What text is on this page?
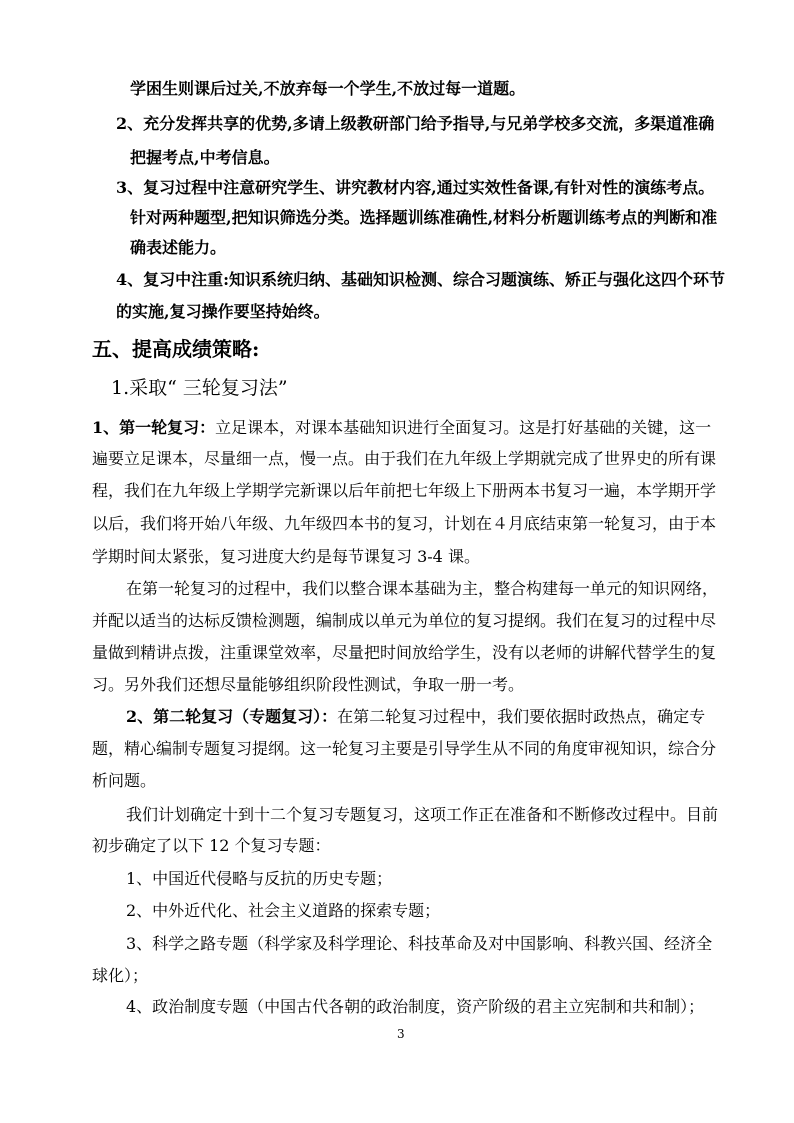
学困生则课后过关,不放弃每一个学生,不放过每一道题。
2、充分发挥共享的优势,多请上级教研部门给予指导,与兄弟学校多交流，多渠道准确
把握考点,中考信息。
3、复习过程中注意研究学生、讲究教材内容,通过实效性备课,有针对性的演练考点。
针对两种题型,把知识筛选分类。选择题训练准确性,材料分析题训练考点的判断和准
确表述能力。
4、复习中注重:知识系统归纳、基础知识检测、综合习题演练、矫正与强化这四个环节
的实施,复习操作要坚持始终。
五、提高成绩策略:
1.采取“ 三轮复习法”
1、第一轮复习：立足课本，对课本基础知识进行全面复习。这是打好基础的关键，这一
遍要立足课本，尽量细一点，慢一点。由于我们在九年级上学期就完成了世界史的所有课
程，我们在九年级上学期学完新课以后年前把七年级上下册两本书复习一遍，本学期开学
以后，我们将开始八年级、九年级四本书的复习，计划在４月底结束第一轮复习，由于本
学期时间太紧张，复习进度大约是每节课复习 3-4 课。
在第一轮复习的过程中，我们以整合课本基础为主，整合构建每一单元的知识网络，
并配以适当的达标反馈检测题，编制成以单元为单位的复习提纲。我们在复习的过程中尽
量做到精讲点拨，注重课堂效率，尽量把时间放给学生，没有以老师的讲解代替学生的复
习。另外我们还想尽量能够组织阶段性测试，争取一册一考。
2、第二轮复习（专题复习）：在第二轮复习过程中，我们要依据时政热点，确定专
题，精心编制专题复习提纲。这一轮复习主要是引导学生从不同的角度审视知识，综合分
析问题。
我们计划确定十到十二个复习专题复习，这项工作正在准备和不断修改过程中。目前
初步确定了以下 12 个复习专题：
1、中国近代侵略与反抗的历史专题；
2、中外近代化、社会主义道路的探索专题；
3、科学之路专题（科学家及科学理论、科技革命及对中国影响、科教兴国、经济全
球化）；
4、政治制度专题（中国古代各朝的政治制度，资产阶级的君主立宪制和共和制）；
3
